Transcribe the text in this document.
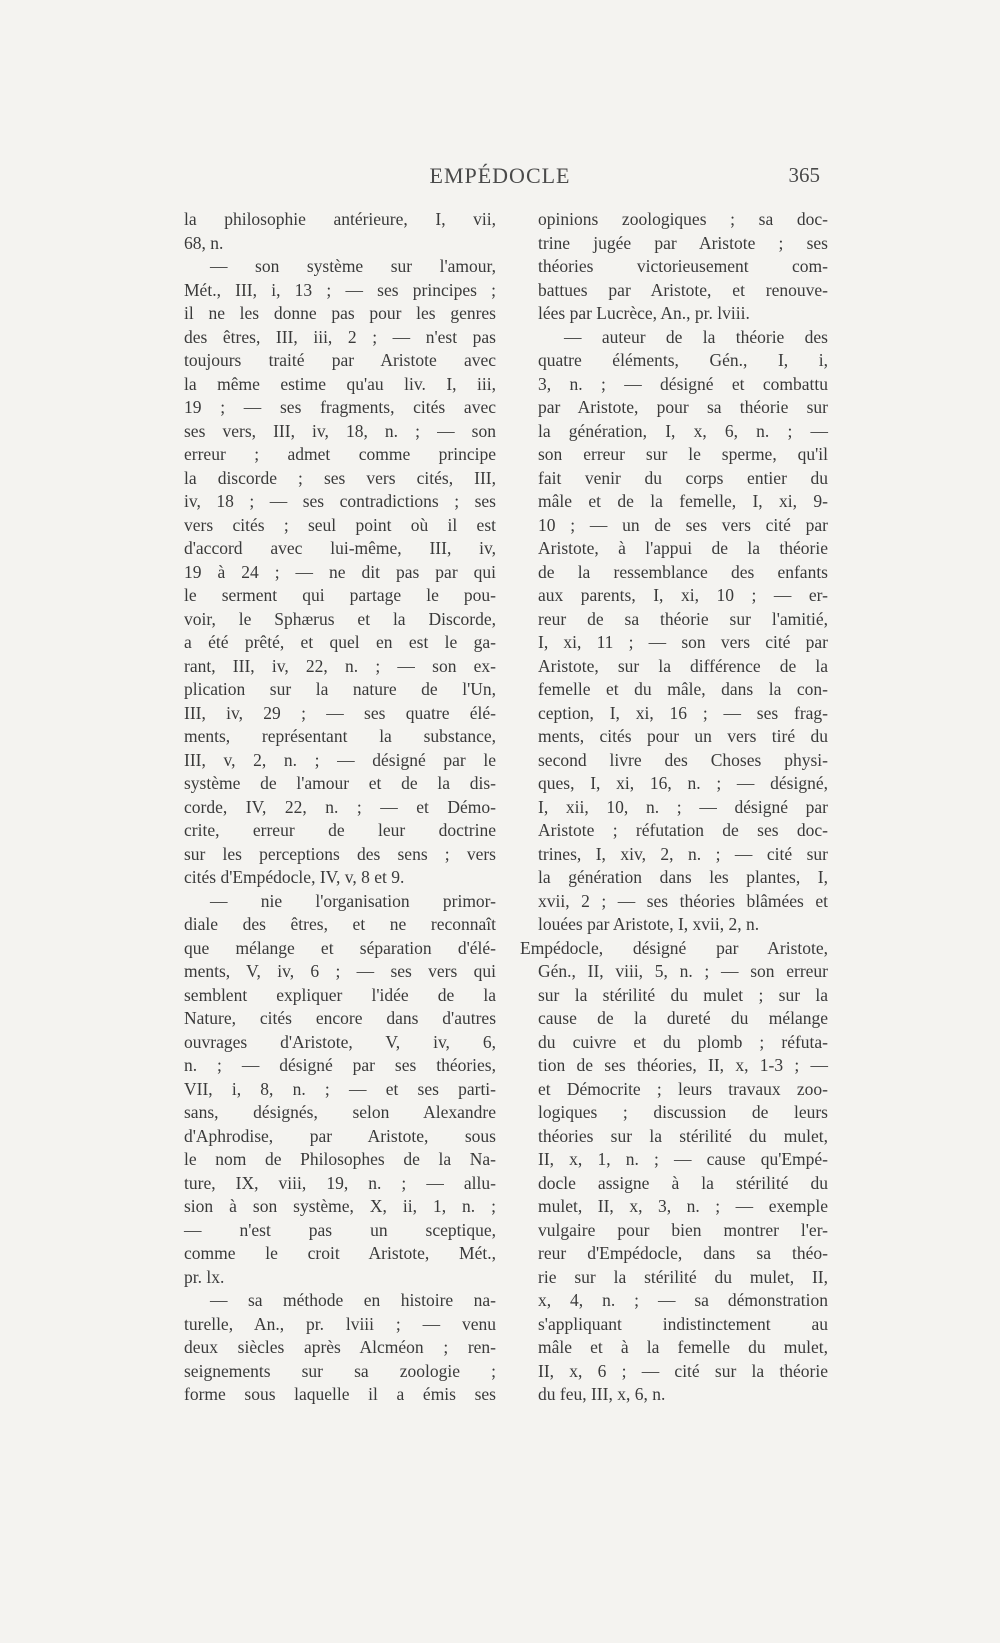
EMPÉDOCLE	365
la philosophie antérieure, I, vii,
68, n.
— son système sur l'amour,
Mét., III, i, 13 ; — ses principes ;
il ne les donne pas pour les genres
des êtres, III, iii, 2 ; — n'est pas
toujours traité par Aristote avec
la même estime qu'au liv. I, iii,
19 ; — ses fragments, cités avec
ses vers, III, iv, 18, n. ; — son
erreur ; admet comme principe
la discorde ; ses vers cités, III,
iv, 18 ; — ses contradictions ; ses
vers cités ; seul point où il est
d'accord avec lui-même, III, iv,
19 à 24 ; — ne dit pas par qui
le serment qui partage le pou-
voir, le Sphærus et la Discorde,
a été prêté, et quel en est le ga-
rant, III, iv, 22, n. ; — son ex-
plication sur la nature de l'Un,
III, iv, 29 ; — ses quatre élé-
ments, représentant la substance,
III, v, 2, n. ; — désigné par le
système de l'amour et de la dis-
corde, IV, 22, n. ; — et Démo-
crite, erreur de leur doctrine
sur les perceptions des sens ; vers
cités d'Empédocle, IV, v, 8 et 9.
— nie l'organisation primor-
diale des êtres, et ne reconnaît
que mélange et séparation d'élé-
ments, V, iv, 6 ; — ses vers qui
semblent expliquer l'idée de la
Nature, cités encore dans d'autres
ouvrages d'Aristote, V, iv, 6,
n. ; — désigné par ses théories,
VII, i, 8, n. ; — et ses parti-
sans, désignés, selon Alexandre
d'Aphrodise, par Aristote, sous
le nom de Philosophes de la Na-
ture, IX, viii, 19, n. ; — allu-
sion à son système, X, ii, 1, n. ;
— n'est pas un sceptique,
comme le croit Aristote, Mét.,
pr. lx.
— sa méthode en histoire na-
turelle, An., pr. lviii ; — venu
deux siècles après Alcméon ; ren-
seignements sur sa zoologie ;
forme sous laquelle il a émis ses
opinions zoologiques ; sa doc-
trine jugée par Aristote ; ses
théories victorieusement com-
battues par Aristote, et renouve-
lées par Lucrèce, An., pr. lviii.
— auteur de la théorie des
quatre éléments, Gén., I, i,
3, n. ; — désigné et combattu
par Aristote, pour sa théorie sur
la génération, I, x, 6, n. ; —
son erreur sur le sperme, qu'il
fait venir du corps entier du
mâle et de la femelle, I, xi, 9-
10 ; — un de ses vers cité par
Aristote, à l'appui de la théorie
de la ressemblance des enfants
aux parents, I, xi, 10 ; — er-
reur de sa théorie sur l'amitié,
I, xi, 11 ; — son vers cité par
Aristote, sur la différence de la
femelle et du mâle, dans la con-
ception, I, xi, 16 ; — ses frag-
ments, cités pour un vers tiré du
second livre des Choses physi-
ques, I, xi, 16, n. ; — désigné,
I, xii, 10, n. ; — désigné par
Aristote ; réfutation de ses doc-
trines, I, xiv, 2, n. ; — cité sur
la génération dans les plantes, I,
xvii, 2 ; — ses théories blâmées et
louées par Aristote, I, xvii, 2, n.
Empédocle, désigné par Aristote,
Gén., II, viii, 5, n. ; — son erreur
sur la stérilité du mulet ; sur la
cause de la dureté du mélange
du cuivre et du plomb ; réfuta-
tion de ses théories, II, x, 1-3 ; —
et Démocrite ; leurs travaux zoo-
logiques ; discussion de leurs
théories sur la stérilité du mulet,
II, x, 1, n. ; — cause qu'Empé-
docle assigne à la stérilité du
mulet, II, x, 3, n. ; — exemple
vulgaire pour bien montrer l'er-
reur d'Empédocle, dans sa théo-
rie sur la stérilité du mulet, II,
x, 4, n. ; — sa démonstration
s'appliquant indistinctement au
mâle et à la femelle du mulet,
II, x, 6 ; — cité sur la théorie
du feu, III, x, 6, n.
